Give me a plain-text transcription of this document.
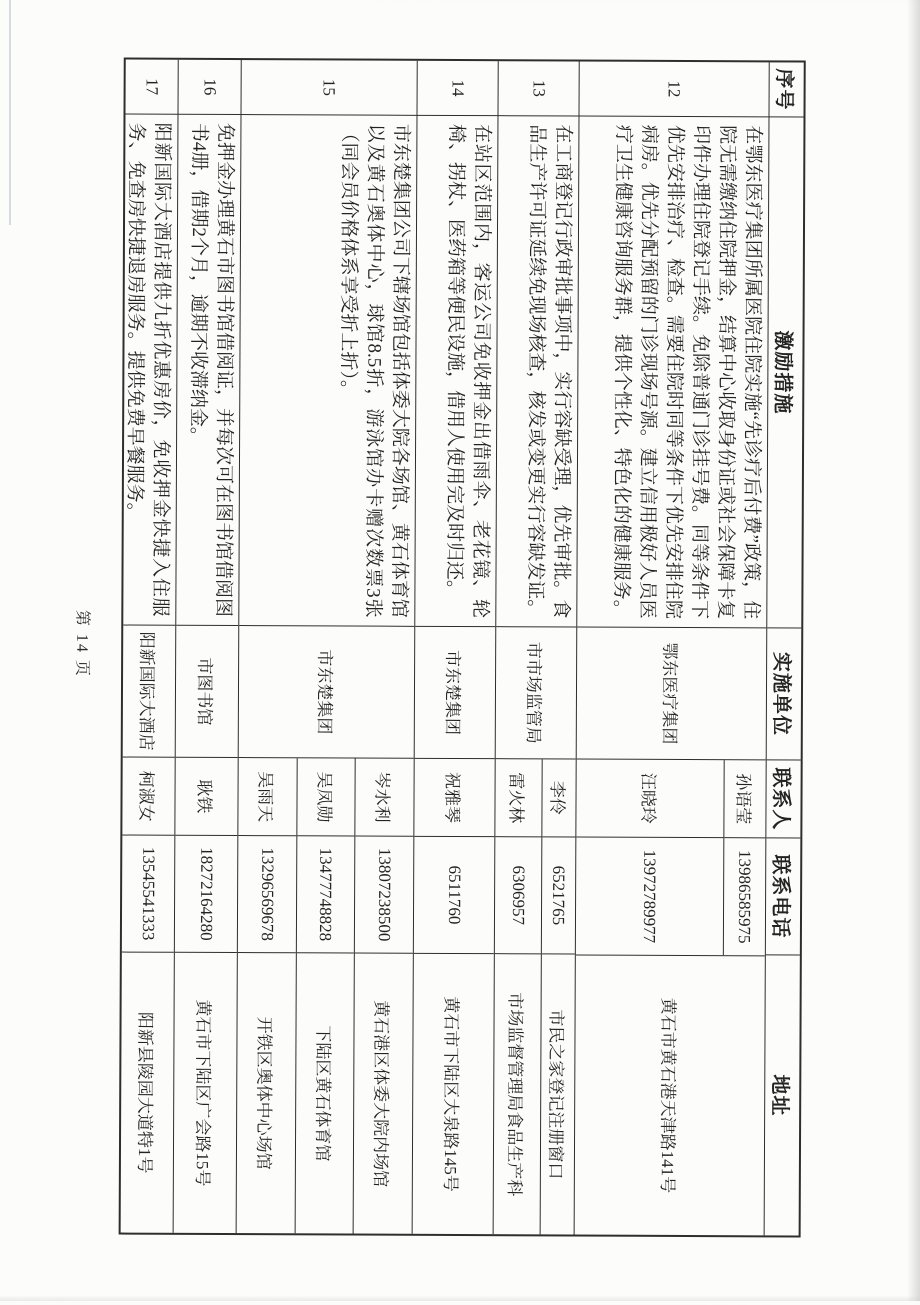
序号
激励措施
实施单位
联系人
联系电话
地址
12
在鄂东医疗集团所属医院住院实施“先诊疗后付费”政策，住院无需缴纳住院押金，结算中心收取身份证或社会保障卡复印件办理住院登记手续。免除普通门诊挂号费。同等条件下优先安排治疗、检查。需要住院时同等条件下优先安排住院病房。优先分配预留的门诊现场号源。建立信用极好人员医疗卫生健康咨询服务群，提供个性化、特色化的健康服务。
鄂东医疗集团
孙语莹
13986585975
汪晓玲
13972789977
黄石市黄石港天津路141号
13
在工商登记行政审批事项中，实行容缺受理，优先审批。食品生产许可证延续免现场核查，核发或变更实行容缺发证。
市市场监管局
李伶
6521765
市民之家登记注册窗口
雷火林
6306957
市场监督管理局食品生产科
14
在站区范围内，客运公司免收押金出借雨伞、老花镜、轮椅、拐杖、医药箱等便民设施，借用人使用完及时归还。
市东楚集团
祝雅琴
6511760
黄石市下陆区大泉路145号
15
市东楚集团公司下辖场馆包括体委大院各场馆、黄石体育馆以及黄石奥体中心，球馆8.5折，游泳馆办卡赠次数票3张（同会员价格体系享受折上折）。
市东楚集团
岑水利
13807238500
黄石港区体委大院内场馆
吴凤勋
13477748828
下陆区黄石体育馆
吴雨天
13296569678
开铁区奥体中心场馆
16
免押金办理黄石市图书馆借阅证，并每次可在图书馆借阅图书4册，借期2个月，逾期不收滞纳金。
市图书馆
耿铁
18272164280
黄石市下陆区广会路15号
17
阳新国际大酒店提供九折优惠房价，免收押金快捷入住服务、免查房快捷退房服务。提供免费早餐服务。
阳新国际大酒店
柯淑女
13545541333
阳新县陵园大道特1号
第 14 页
